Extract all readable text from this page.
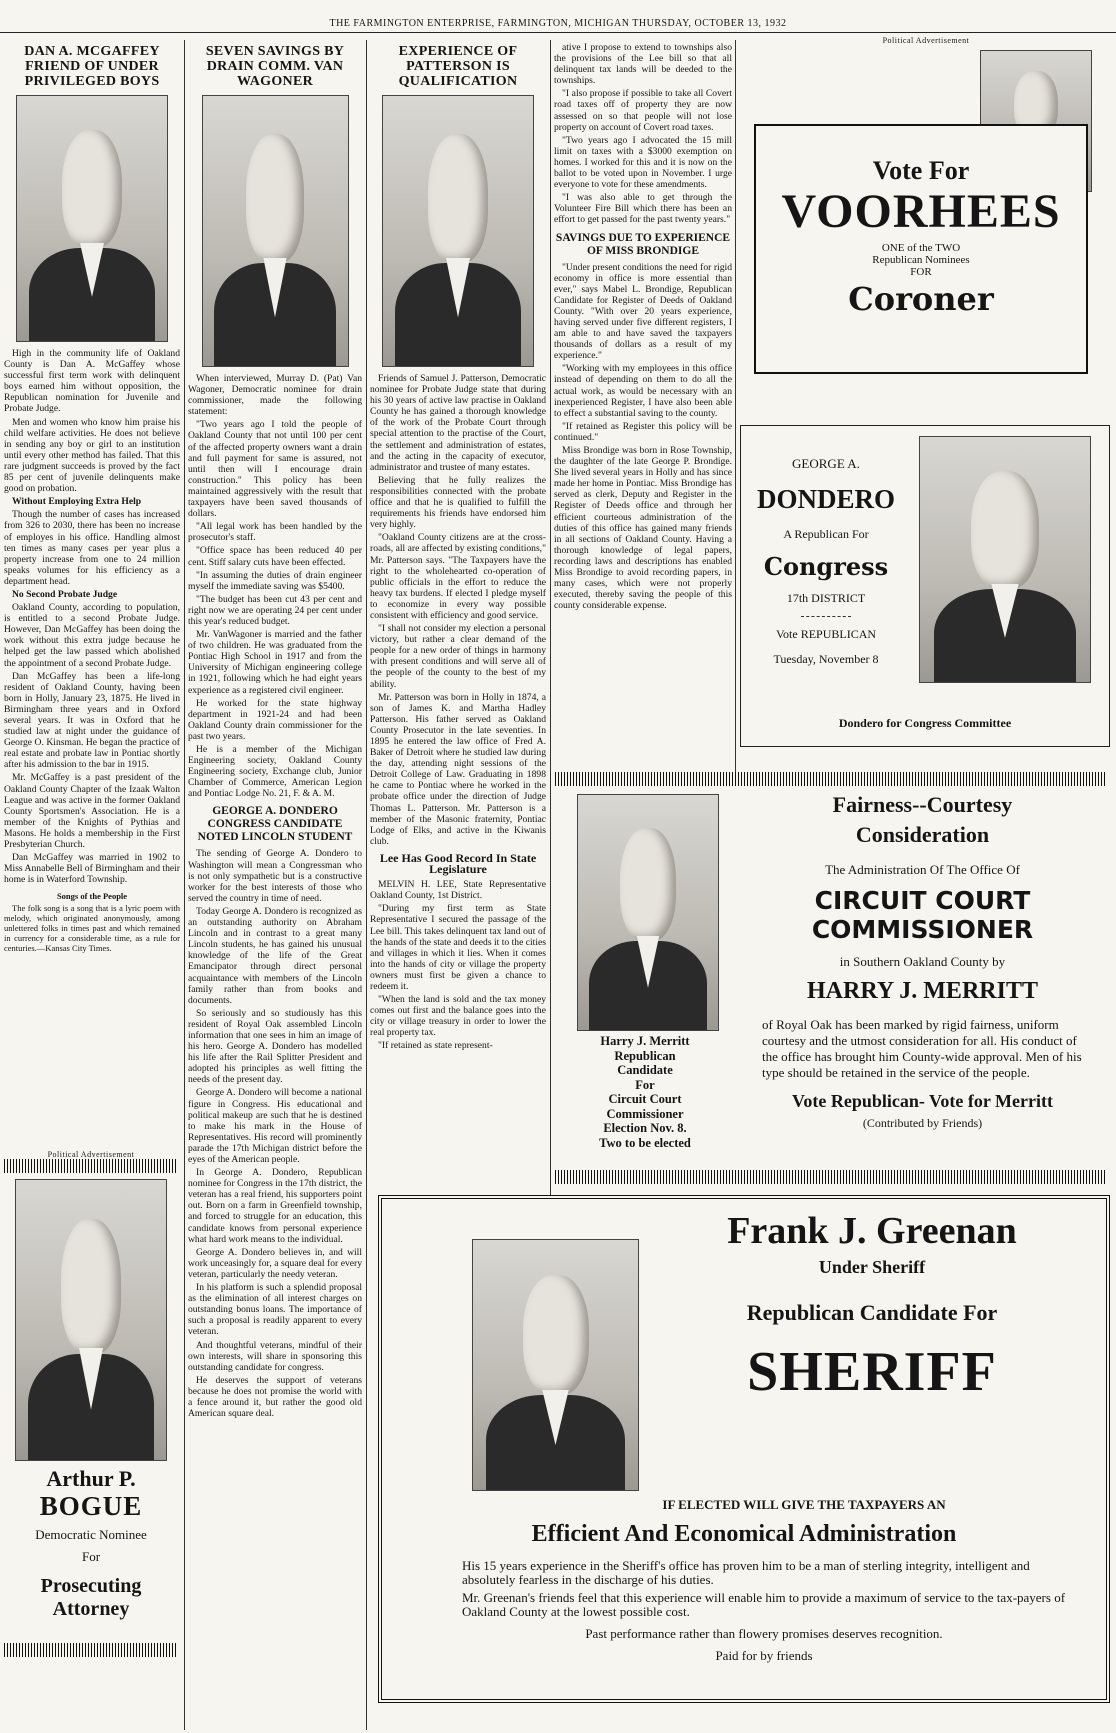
THE FARMINGTON ENTERPRISE, FARMINGTON, MICHIGAN THURSDAY, OCTOBER 13, 1932
DAN A. MCGAFFEY FRIEND OF UNDER PRIVILEGED BOYS

High in the community life of Oakland County is Dan A. McGaffey whose successful first term work with delinquent boys earned him without opposition, the Republican nomination for Juvenile and Probate Judge.

Men and women who know him praise his child welfare activities. He does not believe in sending any boy or girl to an institution until every other method has failed. That this rare judgment succeeds is proved by the fact 85 per cent of juvenile delinquents make good on probation.

Without Employing Extra Help

Though the number of cases has increased from 326 to 2030, there has been no increase of employes in his office. Handling almost ten times as many cases per year plus a property increase from one to 24 million speaks volumes for his efficiency as a department head.

No Second Probate Judge

Oakland County, according to population, is entitled to a second Probate Judge. However, Dan McGaffey has been doing the work without this extra judge because he helped get the law passed which abolished the appointment of a second Probate Judge.

Dan McGaffey has been a life-long resident of Oakland County, having been born in Holly, January 23, 1875. He lived in Birmingham three years and in Oxford several years. It was in Oxford that he studied law at night under the guidance of George O. Kinsman. He began the practice of real estate and probate law in Pontiac shortly after his admission to the bar in 1915.

Mr. McGaffey is a past president of the Oakland County Chapter of the Izaak Walton League and was active in the former Oakland County Sportsmen's Association. He is a member of the Knights of Pythias and Masons. He holds a membership in the First Presbyterian Church.

Dan McGaffey was married in 1902 to Miss Annabelle Bell of Birmingham and their home is in Waterford Township.

Songs of the People

The folk song is a song that is a lyric poem with melody, which originated anonymously, among unlettered folks in times past and which remained in currency for a considerable time, as a rule for centuries.—Kansas City Times.

Political Advertisement
Arthur P.
BOGUE
Democratic Nominee
For
Prosecuting
Attorney
SEVEN SAVINGS BY DRAIN COMM. VAN WAGONER

When interviewed, Murray D. (Pat) Van Wagoner, Democratic nominee for drain commissioner, made the following statement:

"Two years ago I told the people of Oakland County that not until 100 per cent of the affected property owners want a drain and full payment for same is assured, not until then will I encourage drain construction." This policy has been maintained aggressively with the result that taxpayers have been saved thousands of dollars.

"All legal work has been handled by the prosecutor's staff.

"Office space has been reduced 40 per cent. Stiff salary cuts have been effected.

"In assuming the duties of drain engineer myself the immediate saving was $5400.

"The budget has been cut 43 per cent and right now we are operating 24 per cent under this year's reduced budget.

Mr. VanWagoner is married and the father of two children. He was graduated from the Pontiac High School in 1917 and from the University of Michigan engineering college in 1921, following which he had eight years experience as a registered civil engineer.

He worked for the state highway department in 1921-24 and had been Oakland County drain commissioner for the past two years.

He is a member of the Michigan Engineering society, Oakland County Engineering society, Exchange club, Junior Chamber of Commerce, American Legion and Pontiac Lodge No. 21, F. & A. M.

GEORGE A. DONDERO CONGRESS CANDIDATE NOTED LINCOLN STUDENT

The sending of George A. Dondero to Washington will mean a Congressman who is not only sympathetic but is a constructive worker for the best interests of those who served the country in time of need.

Today George A. Dondero is recognized as an outstanding authority on Abraham Lincoln and in contrast to a great many Lincoln students, he has gained his unusual knowledge of the life of the Great Emancipator through direct personal acquaintance with members of the Lincoln family rather than from books and documents.

So seriously and so studiously has this resident of Royal Oak assembled Lincoln information that one sees in him an image of his hero. George A. Dondero has modelled his life after the Rail Splitter President and adopted his principles as well fitting the needs of the present day.

George A. Dondero will become a national figure in Congress. His educational and political makeup are such that he is destined to make his mark in the House of Representatives. His record will prominently parade the 17th Michigan district before the eyes of the American people.

In George A. Dondero, Republican nominee for Congress in the 17th district, the veteran has a real friend, his supporters point out. Born on a farm in Greenfield township, and forced to struggle for an education, this candidate knows from personal experience what hard work means to the individual.

George A. Dondero believes in, and will work unceasingly for, a square deal for every veteran, particularly the needy veteran.

In his platform is such a splendid proposal as the elimination of all interest charges on outstanding bonus loans. The importance of such a proposal is readily apparent to every veteran.

And thoughtful veterans, mindful of their own interests, will share in sponsoring this outstanding candidate for congress.

He deserves the support of veterans because he does not promise the world with a fence around it, but rather the good old American square deal.

EXPERIENCE OF PATTERSON IS QUALIFICATION

Friends of Samuel J. Patterson, Democratic nominee for Probate Judge state that during his 30 years of active law practise in Oakland County he has gained a thorough knowledge of the work of the Probate Court through special attention to the practise of the Court, the settlement and administration of estates, and the acting in the capacity of executor, administrator and trustee of many estates.

Believing that he fully realizes the responsibilities connected with the probate office and that he is qualified to fulfill the requirements his friends have endorsed him very highly.

"Oakland County citizens are at the cross-roads, all are affected by existing conditions," Mr. Patterson says. "The Taxpayers have the right to the wholehearted co-operation of public officials in the effort to reduce the heavy tax burdens. If elected I pledge myself to economize in every way possible consistent with efficiency and good service.

"I shall not consider my election a personal victory, but rather a clear demand of the people for a new order of things in harmony with present conditions and will serve all of the people of the county to the best of my ability.

Mr. Patterson was born in Holly in 1874, a son of James K. and Martha Hadley Patterson. His father served as Oakland County Prosecutor in the late seventies. In 1895 he entered the law office of Fred A. Baker of Detroit where he studied law during the day, attending night sessions of the Detroit College of Law. Graduating in 1898 he came to Pontiac where he worked in the probate office under the direction of Judge Thomas L. Patterson. Mr. Patterson is a member of the Masonic fraternity, Pontiac Lodge of Elks, and active in the Kiwanis club.

Lee Has Good Record In State Legislature

MELVIN H. LEE, State Representative Oakland County, 1st District.

"During my first term as State Representative I secured the passage of the Lee bill. This takes delinquent tax land out of the hands of the state and deeds it to the cities and villages in which it lies. When it comes into the hands of city or village the property owners must first be given a chance to redeem it.

"When the land is sold and the tax money comes out first and the balance goes into the city or village treasury in order to lower the real property tax.

"If retained as state represent-

ative I propose to extend to townships also the provisions of the Lee bill so that all delinquent tax lands will be deeded to the townships.

"I also propose if possible to take all Covert road taxes off of property they are now assessed on so that people will not lose property on account of Covert road taxes.

"Two years ago I advocated the 15 mill limit on taxes with a $3000 exemption on homes. I worked for this and it is now on the ballot to be voted upon in November. I urge everyone to vote for these amendments.

"I was also able to get through the Volunteer Fire Bill which there has been an effort to get passed for the past twenty years."

SAVINGS DUE TO EXPERIENCE OF MISS BRONDIGE

"Under present conditions the need for rigid economy in office is more essential than ever," says Mabel L. Brondige, Republican Candidate for Register of Deeds of Oakland County. "With over 20 years experience, having served under five different registers, I am able to and have saved the taxpayers thousands of dollars as a result of my experience."

"Working with my employees in this office instead of depending on them to do all the actual work, as would be necessary with an inexperienced Register, I have also been able to effect a substantial saving to the county.

"If retained as Register this policy will be continued."

Miss Brondige was born in Rose Township, the daughter of the late George P. Brondige. She lived several years in Holly and has since made her home in Pontiac. Miss Brondige has served as clerk, Deputy and Register in the Register of Deeds office and through her efficient courteous administration of the duties of this office has gained many friends in all sections of Oakland County. Having a thorough knowledge of legal papers, recording laws and descriptions has enabled Miss Brondige to avoid recording papers, in many cases, which were not properly executed, thereby saving the people of this county considerable expense.

Political Advertisement
Vote For
VOORHEES
ONE of the TWO
Republican Nominees
FOR
Coroner
GEORGE A.
DONDERO
A Republican For
Congress
17th DISTRICT
Vote REPUBLICAN
Tuesday, November 8
Dondero for Congress Committee
Harry J. Merritt
Republican
Candidate
For
Circuit Court
Commissioner
Election Nov. 8.
Two to be elected
Fairness--Courtesy
Consideration
The Administration Of The Office Of
CIRCUIT COURT
COMMISSIONER
in Southern Oakland County by
HARRY J. MERRITT
of Royal Oak has been marked by rigid fairness, uniform courtesy and the utmost consideration for all. His conduct of the office has brought him County-wide approval. Men of his type should be retained in the service of the people.
Vote Republican- Vote for Merritt
(Contributed by Friends)
Frank J. Greenan
Under Sheriff
Republican Candidate For
SHERIFF
IF ELECTED WILL GIVE THE TAXPAYERS AN
Efficient And Economical Administration
His 15 years experience in the Sheriff's office has proven him to be a man of sterling integrity, intelligent and absolutely fearless in the discharge of his duties.
Mr. Greenan's friends feel that this experience will enable him to provide a maximum of service to the tax-payers of Oakland County at the lowest possible cost.
Past performance rather than flowery promises deserves recognition.
Paid for by friends
